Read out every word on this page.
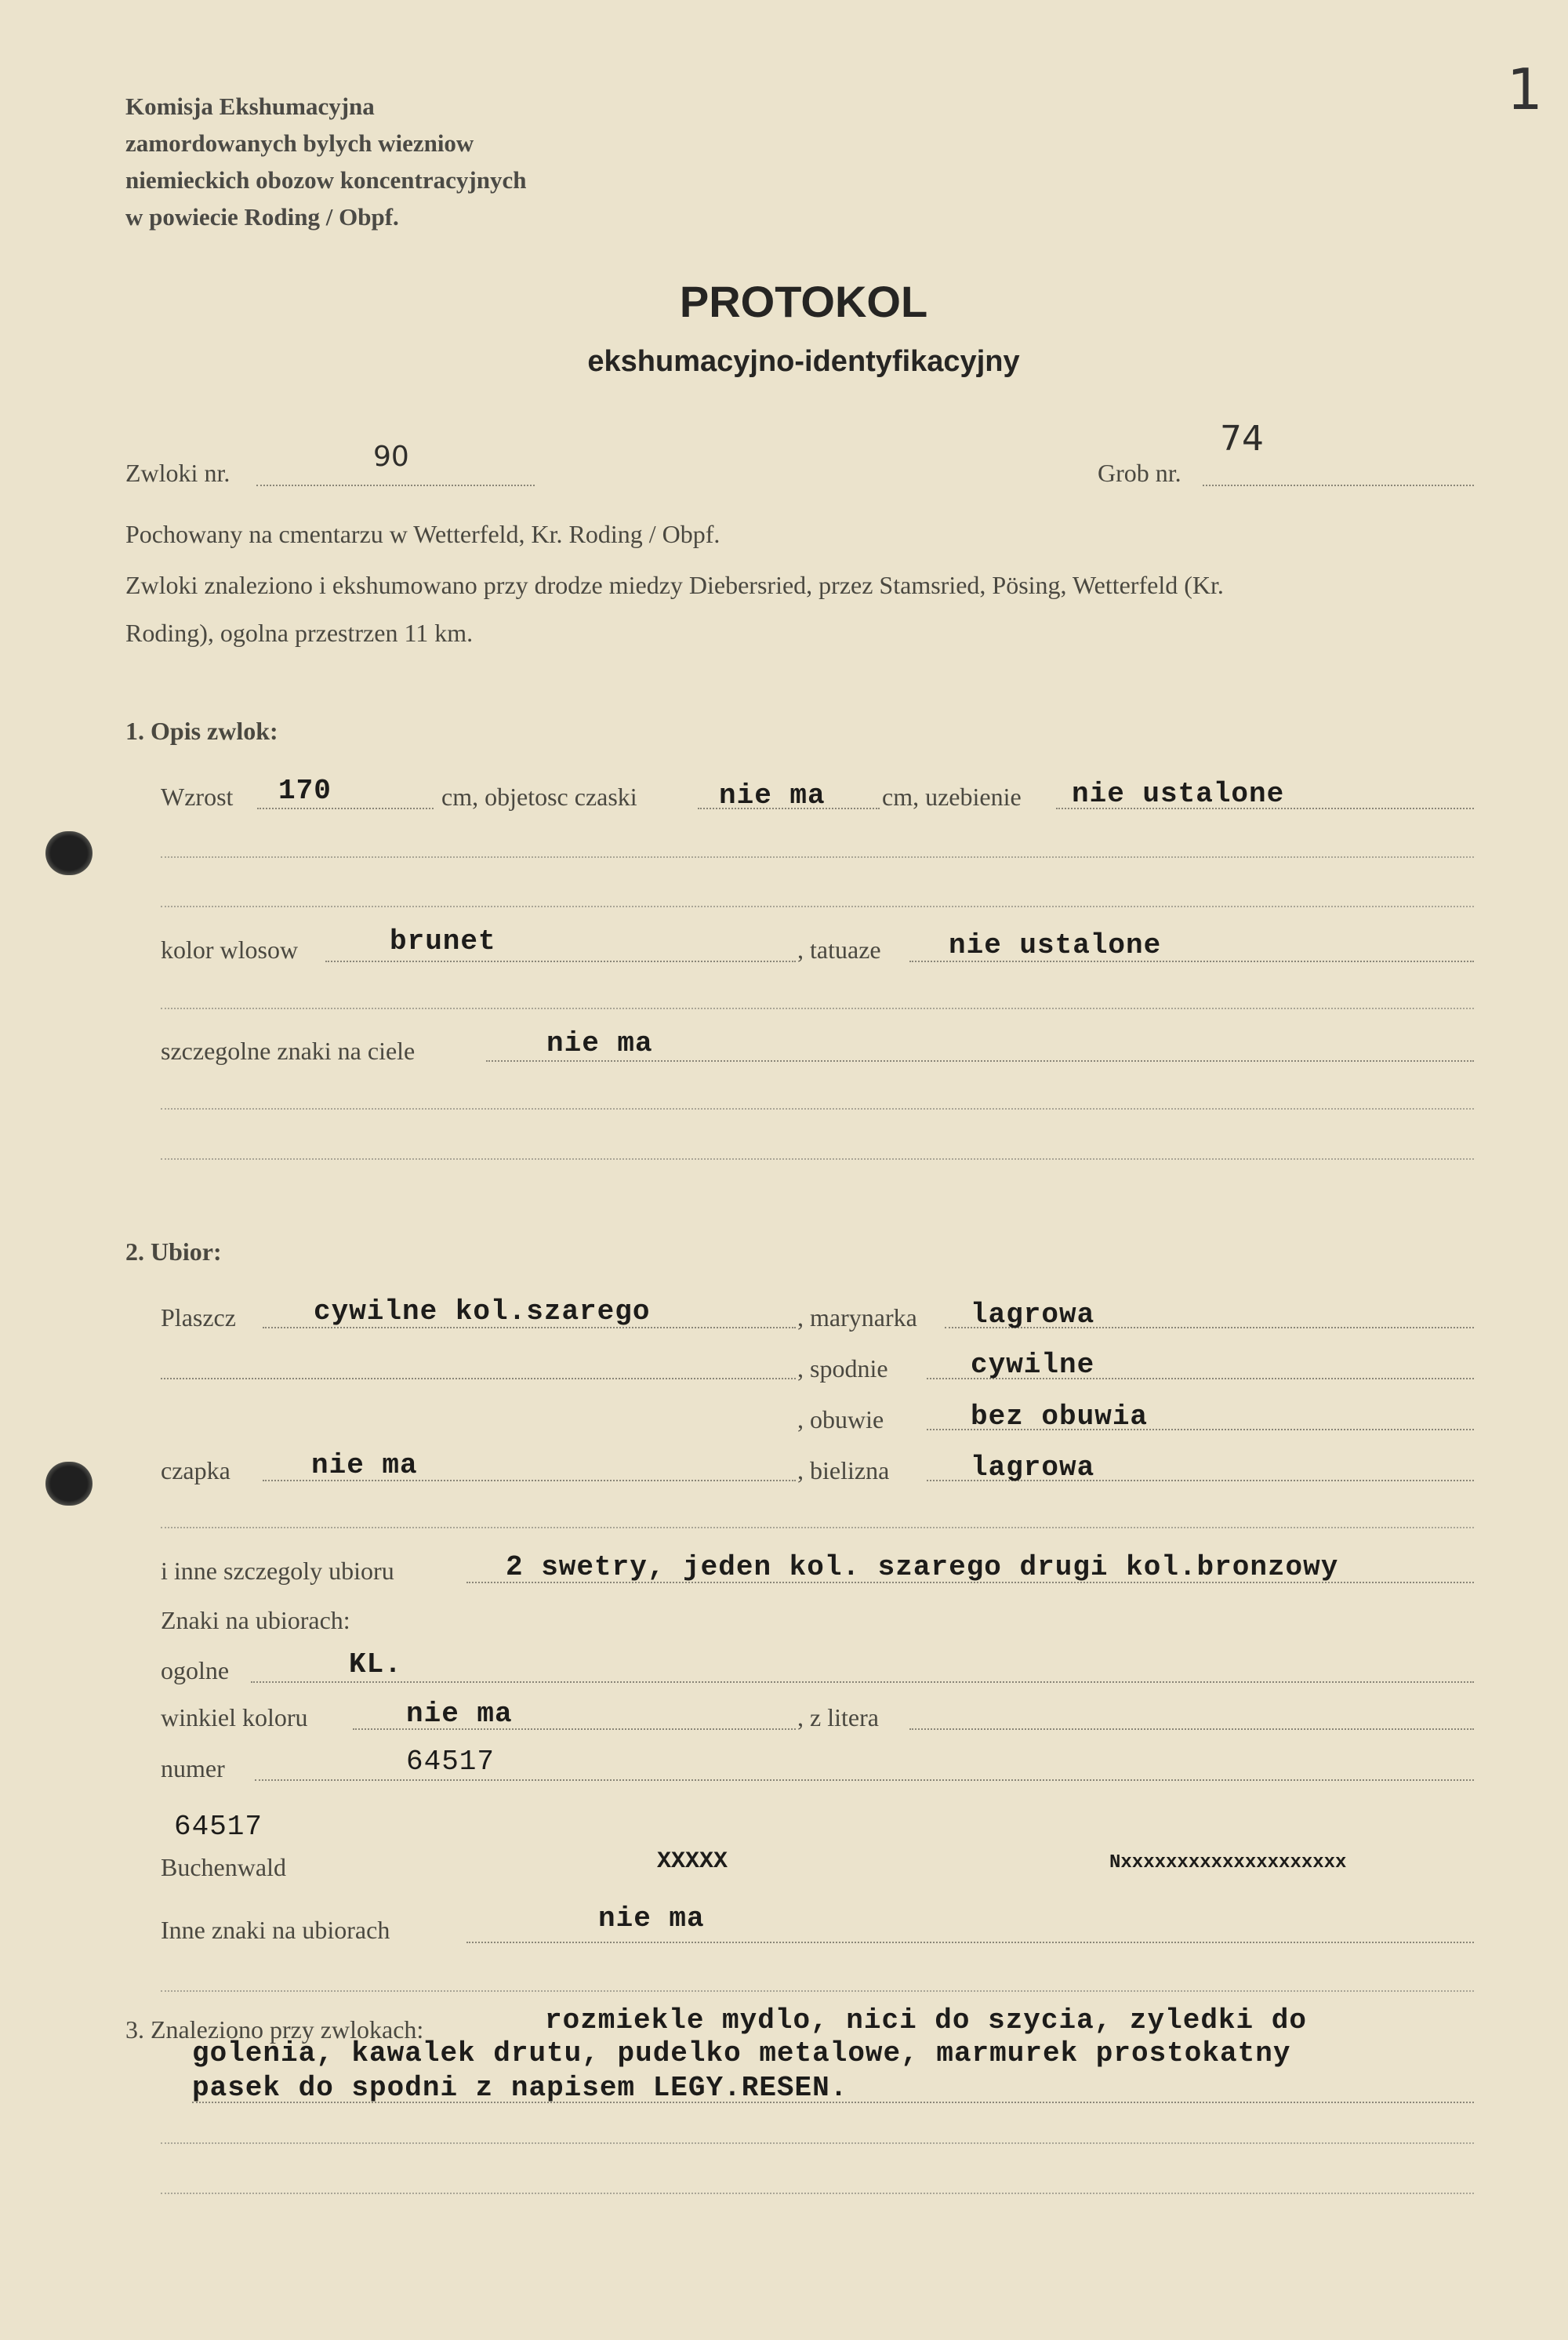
1
Komisja Ekshumacyjna
zamordowanych bylych wiezniow
niemieckich obozow koncentracyjnych
w powiecie Roding / Obpf.
PROTOKOL
ekshumacyjno-identyfikacyjny
Zwloki nr.	90	Grob nr.
74
Pochowany na cmentarzu w Wetterfeld, Kr. Roding / Obpf.
Zwloki znaleziono i ekshumowano przy drodze miedzy Diebersried, przez Stamsried, Pösing, Wetterfeld (Kr.
Roding), ogolna przestrzen 11 km.
1. Opis zwlok:
Wzrost 170	cm, objetosc czaski	nie ma cm, uzebienie nie ustalone
kolor wlosow	brunet	, tatuaze nie ustalone
szczegolne znaki na ciele	nie ma
2. Ubior:
Plaszcz	cywilne kol.szarego	, marynarka lagrowa
, spodnie	cywilne
, obuwie	bez obuwia
czapka	nie ma	, bielizna	lagrowa
i inne szczegoly ubioru	2 swetry, jeden kol. szarego drugi kol.bronzowy
Znaki na ubiorach:
ogolne	KL.
winkiel koloru	nie ma	, z litera
numer	64517
64517
Buchenwald	XXXXX	Nxxxxxxxxxxxxxxxxxxxx
Inne znaki na ubiorach	nie ma
3. Znaleziono przy zwlokach:	rozmiekle mydlo, nici do szycia, zyledki do
golenia, kawalek drutu, pudelko metalowe, marmurek prostokatny
pasek do spodni z napisem LEGY.RESEN.
